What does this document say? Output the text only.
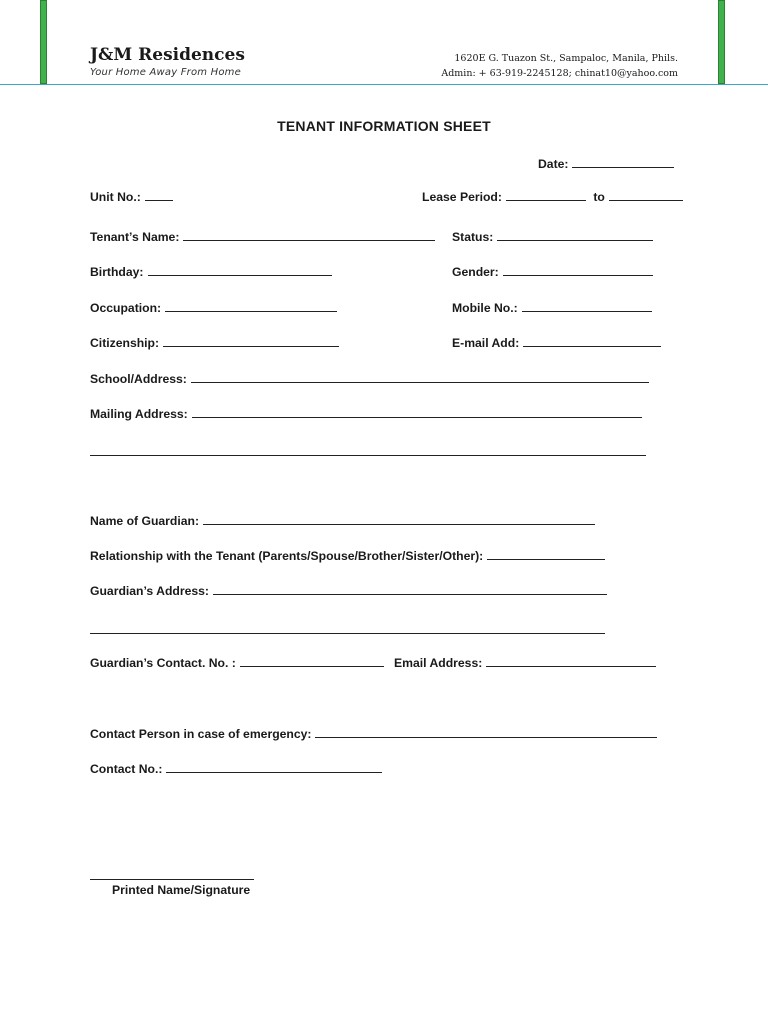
J&M Residences
Your Home Away From Home
1620E G. Tuazon St., Sampaloc, Manila, Phils.
Admin: + 63-919-2245128; chinat10@yahoo.com
TENANT INFORMATION SHEET
Date:
Unit No.:	Lease Period:	to
Tenant’s Name:	Status:
Birthday:	Gender:
Occupation:	Mobile No.:
Citizenship:	E-mail Add:
School/Address:
Mailing Address:
Name of Guardian:
Relationship with the Tenant (Parents/Spouse/Brother/Sister/Other):
Guardian’s Address:
Guardian’s Contact. No. :	Email Address:
Contact Person in case of emergency:
Contact No.:
Printed Name/Signature
